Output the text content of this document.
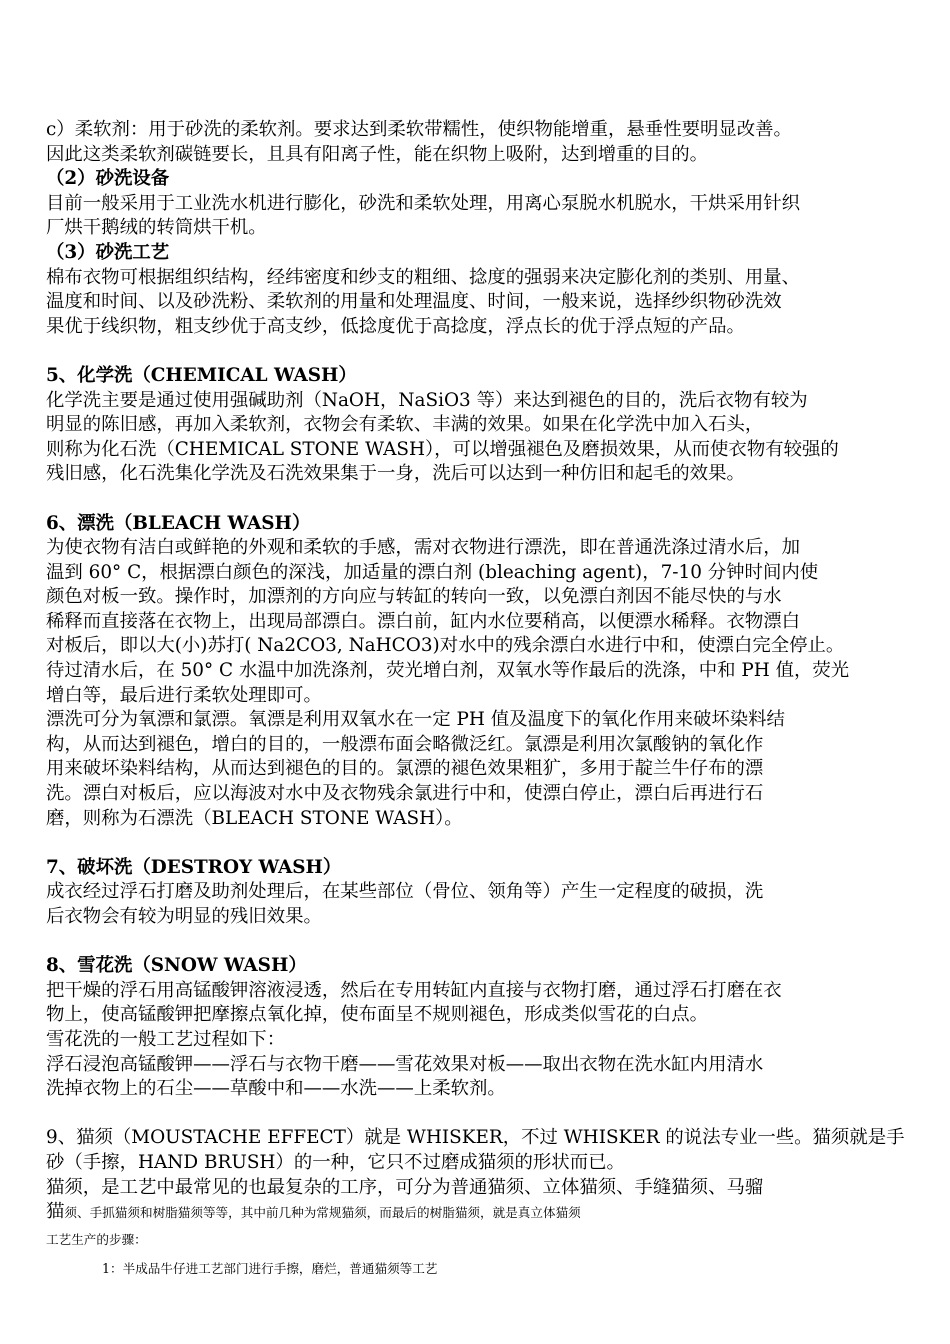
c）柔软剂：用于砂洗的柔软剂。要求达到柔软带糯性，使织物能增重，悬垂性要明显改善。
因此这类柔软剂碳链要长，且具有阳离子性，能在织物上吸附，达到增重的目的。
（2）砂洗设备
目前一般采用于工业洗水机进行膨化，砂洗和柔软处理，用离心泵脱水机脱水，干烘采用针织
厂烘干鹅绒的转筒烘干机。
（3）砂洗工艺
棉布衣物可根据组织结构，经纬密度和纱支的粗细、捻度的强弱来决定膨化剂的类别、用量、
温度和时间、以及砂洗粉、柔软剂的用量和处理温度、时间，一般来说，选择纱织物砂洗效
果优于线织物，粗支纱优于高支纱，低捻度优于高捻度，浮点长的优于浮点短的产品。
5、化学洗（CHEMICAL WASH）
化学洗主要是通过使用强碱助剂（NaOH，NaSiO3 等）来达到褪色的目的，洗后衣物有较为
明显的陈旧感，再加入柔软剂，衣物会有柔软、丰满的效果。如果在化学洗中加入石头，
则称为化石洗（CHEMICAL STONE WASH），可以增强褪色及磨损效果，从而使衣物有较强的
残旧感，化石洗集化学洗及石洗效果集于一身，洗后可以达到一种仿旧和起毛的效果。
6、漂洗（BLEACH WASH）
为使衣物有洁白或鲜艳的外观和柔软的手感，需对衣物进行漂洗，即在普通洗涤过清水后，加
温到 60° C，根据漂白颜色的深浅，加适量的漂白剂 (bleaching agent)，7-10 分钟时间内使
颜色对板一致。操作时，加漂剂的方向应与转缸的转向一致，以免漂白剂因不能尽快的与水
稀释而直接落在衣物上，出现局部漂白。漂白前，缸内水位要稍高，以便漂水稀释。衣物漂白
对板后，即以大(小)苏打( Na2CO3, NaHCO3)对水中的残余漂白水进行中和，使漂白完全停止。
待过清水后，在 50° C 水温中加洗涤剂，荧光增白剂，双氧水等作最后的洗涤，中和 PH 值，荧光
增白等，最后进行柔软处理即可。
漂洗可分为氧漂和氯漂。氧漂是利用双氧水在一定 PH 值及温度下的氧化作用来破坏染料结
构，从而达到褪色，增白的目的，一般漂布面会略微泛红。氯漂是利用次氯酸钠的氧化作
用来破坏染料结构，从而达到褪色的目的。氯漂的褪色效果粗犷，多用于靛兰牛仔布的漂
洗。漂白对板后，应以海波对水中及衣物残余氯进行中和，使漂白停止，漂白后再进行石
磨，则称为石漂洗（BLEACH STONE WASH）。
7、破坏洗（DESTROY WASH）
成衣经过浮石打磨及助剂处理后，在某些部位（骨位、领角等）产生一定程度的破损，洗
后衣物会有较为明显的残旧效果。
8、雪花洗（SNOW WASH）
把干燥的浮石用高锰酸钾溶液浸透，然后在专用转缸内直接与衣物打磨，通过浮石打磨在衣
物上，使高锰酸钾把摩擦点氧化掉，使布面呈不规则褪色，形成类似雪花的白点。
雪花洗的一般工艺过程如下：
浮石浸泡高锰酸钾——浮石与衣物干磨——雪花效果对板——取出衣物在洗水缸内用清水
洗掉衣物上的石尘——草酸中和——水洗——上柔软剂。
9、猫须（MOUSTACHE EFFECT）就是 WHISKER，不过 WHISKER 的说法专业一些。猫须就是手
砂（手擦，HAND BRUSH）的一种，它只不过磨成猫须的形状而已。
猫须，是工艺中最常见的也最复杂的工序，可分为普通猫须、立体猫须、手缝猫须、马骝
猫须、手抓猫须和树脂猫须等等，其中前几种为常规猫须，而最后的树脂猫须，就是真立体猫须
工艺生产的步骤：
1：半成品牛仔进工艺部门进行手擦，磨烂，普通猫须等工艺
